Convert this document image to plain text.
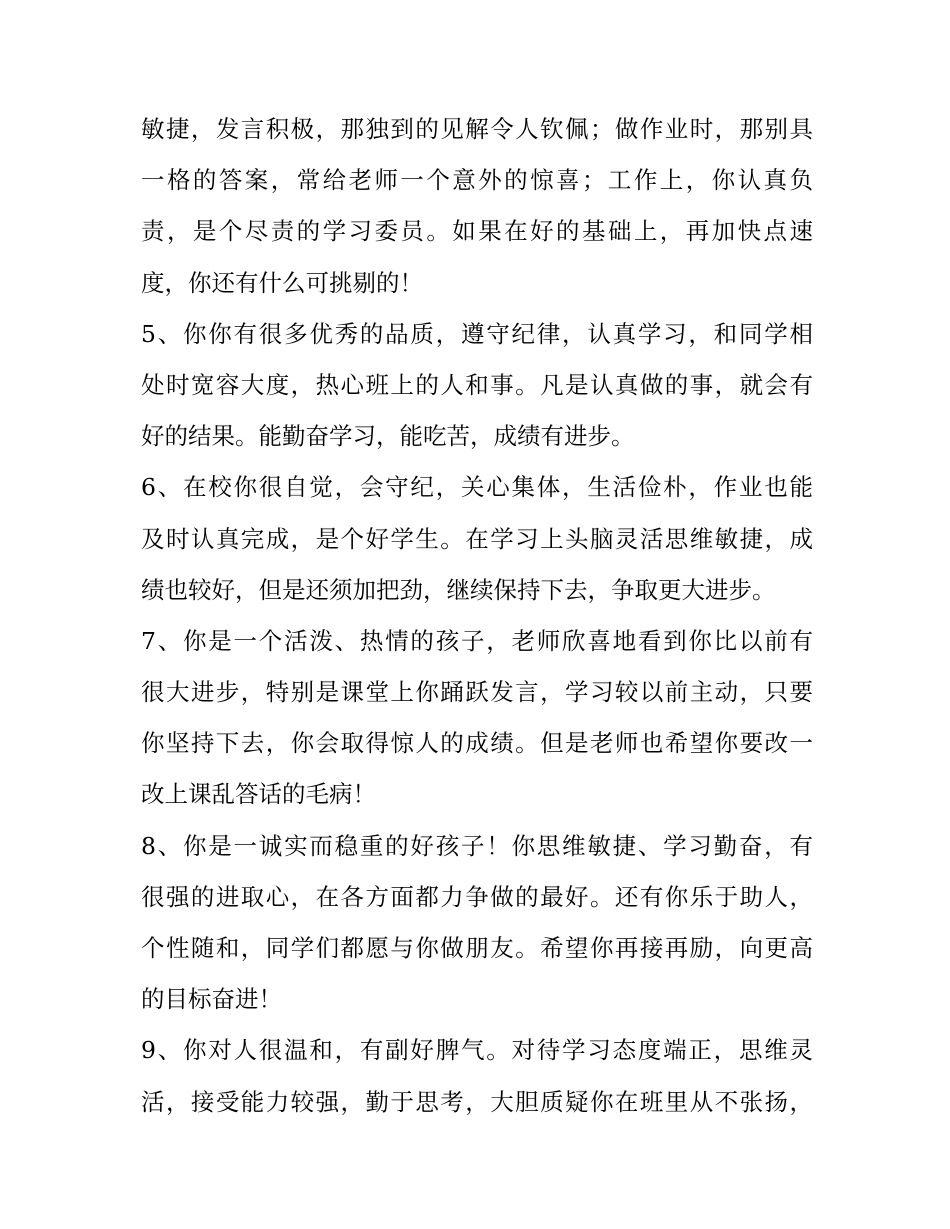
敏捷，发言积极，那独到的见解令人钦佩；做作业时，那别具
一格的答案，常给老师一个意外的惊喜；工作上，你认真负
责，是个尽责的学习委员。如果在好的基础上，再加快点速
度，你还有什么可挑剔的！
5、你你有很多优秀的品质，遵守纪律，认真学习，和同学相
处时宽容大度，热心班上的人和事。凡是认真做的事，就会有
好的结果。能勤奋学习，能吃苦，成绩有进步。
6、在校你很自觉，会守纪，关心集体，生活俭朴，作业也能
及时认真完成，是个好学生。在学习上头脑灵活思维敏捷，成
绩也较好，但是还须加把劲，继续保持下去，争取更大进步。
7、你是一个活泼、热情的孩子，老师欣喜地看到你比以前有
很大进步，特别是课堂上你踊跃发言，学习较以前主动，只要
你坚持下去，你会取得惊人的成绩。但是老师也希望你要改一
改上课乱答话的毛病！
8、你是一诚实而稳重的好孩子！你思维敏捷、学习勤奋，有
很强的进取心，在各方面都力争做的最好。还有你乐于助人，
个性随和，同学们都愿与你做朋友。希望你再接再励，向更高
的目标奋进！
9、你对人很温和，有副好脾气。对待学习态度端正，思维灵
活，接受能力较强，勤于思考，大胆质疑你在班里从不张扬，
